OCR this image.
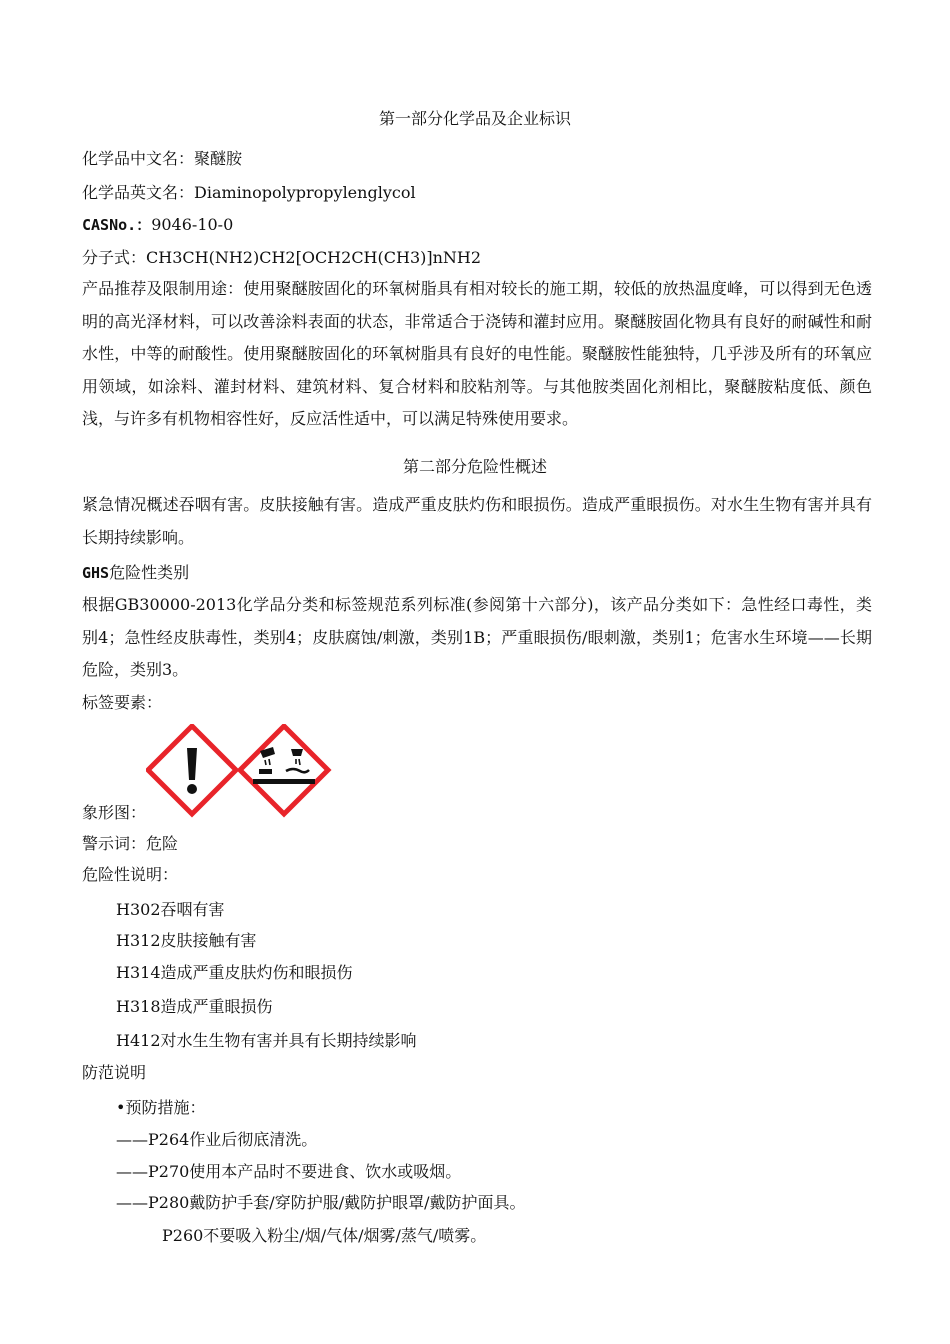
第一部分化学品及企业标识
化学品中文名：聚醚胺
化学品英文名：Diaminopolypropylenglycol
CASNo.：9046-10-0
分子式：CH3CH(NH2)CH2[OCH2CH(CH3)]nNH2
产品推荐及限制用途：使用聚醚胺固化的环氧树脂具有相对较长的施工期，较低的放热温度峰，可以得到无色透明的高光泽材料，可以改善涂料表面的状态，非常适合于浇铸和灌封应用。聚醚胺固化物具有良好的耐碱性和耐水性，中等的耐酸性。使用聚醚胺固化的环氧树脂具有良好的电性能。聚醚胺性能独特，几乎涉及所有的环氧应用领域，如涂料、灌封材料、建筑材料、复合材料和胶粘剂等。与其他胺类固化剂相比，聚醚胺粘度低、颜色浅，与许多有机物相容性好，反应活性适中，可以满足特殊使用要求。
第二部分危险性概述
紧急情况概述吞咽有害。皮肤接触有害。造成严重皮肤灼伤和眼损伤。造成严重眼损伤。对水生生物有害并具有长期持续影响。
GHS危险性类别
根据GB30000-2013化学品分类和标签规范系列标准(参阅第十六部分)，该产品分类如下：急性经口毒性，类别4；急性经皮肤毒性，类别4；皮肤腐蚀/刺激，类别1B；严重眼损伤/眼刺激，类别1；危害水生环境——长期危险，类别3。
标签要素：
象形图：
警示词：危险
危险性说明：
H302吞咽有害
H312皮肤接触有害
H314造成严重皮肤灼伤和眼损伤
H318造成严重眼损伤
H412对水生生物有害并具有长期持续影响
防范说明
•预防措施：
——P264作业后彻底清洗。
——P270使用本产品时不要进食、饮水或吸烟。
——P280戴防护手套/穿防护服/戴防护眼罩/戴防护面具。
P260不要吸入粉尘/烟/气体/烟雾/蒸气/喷雾。
